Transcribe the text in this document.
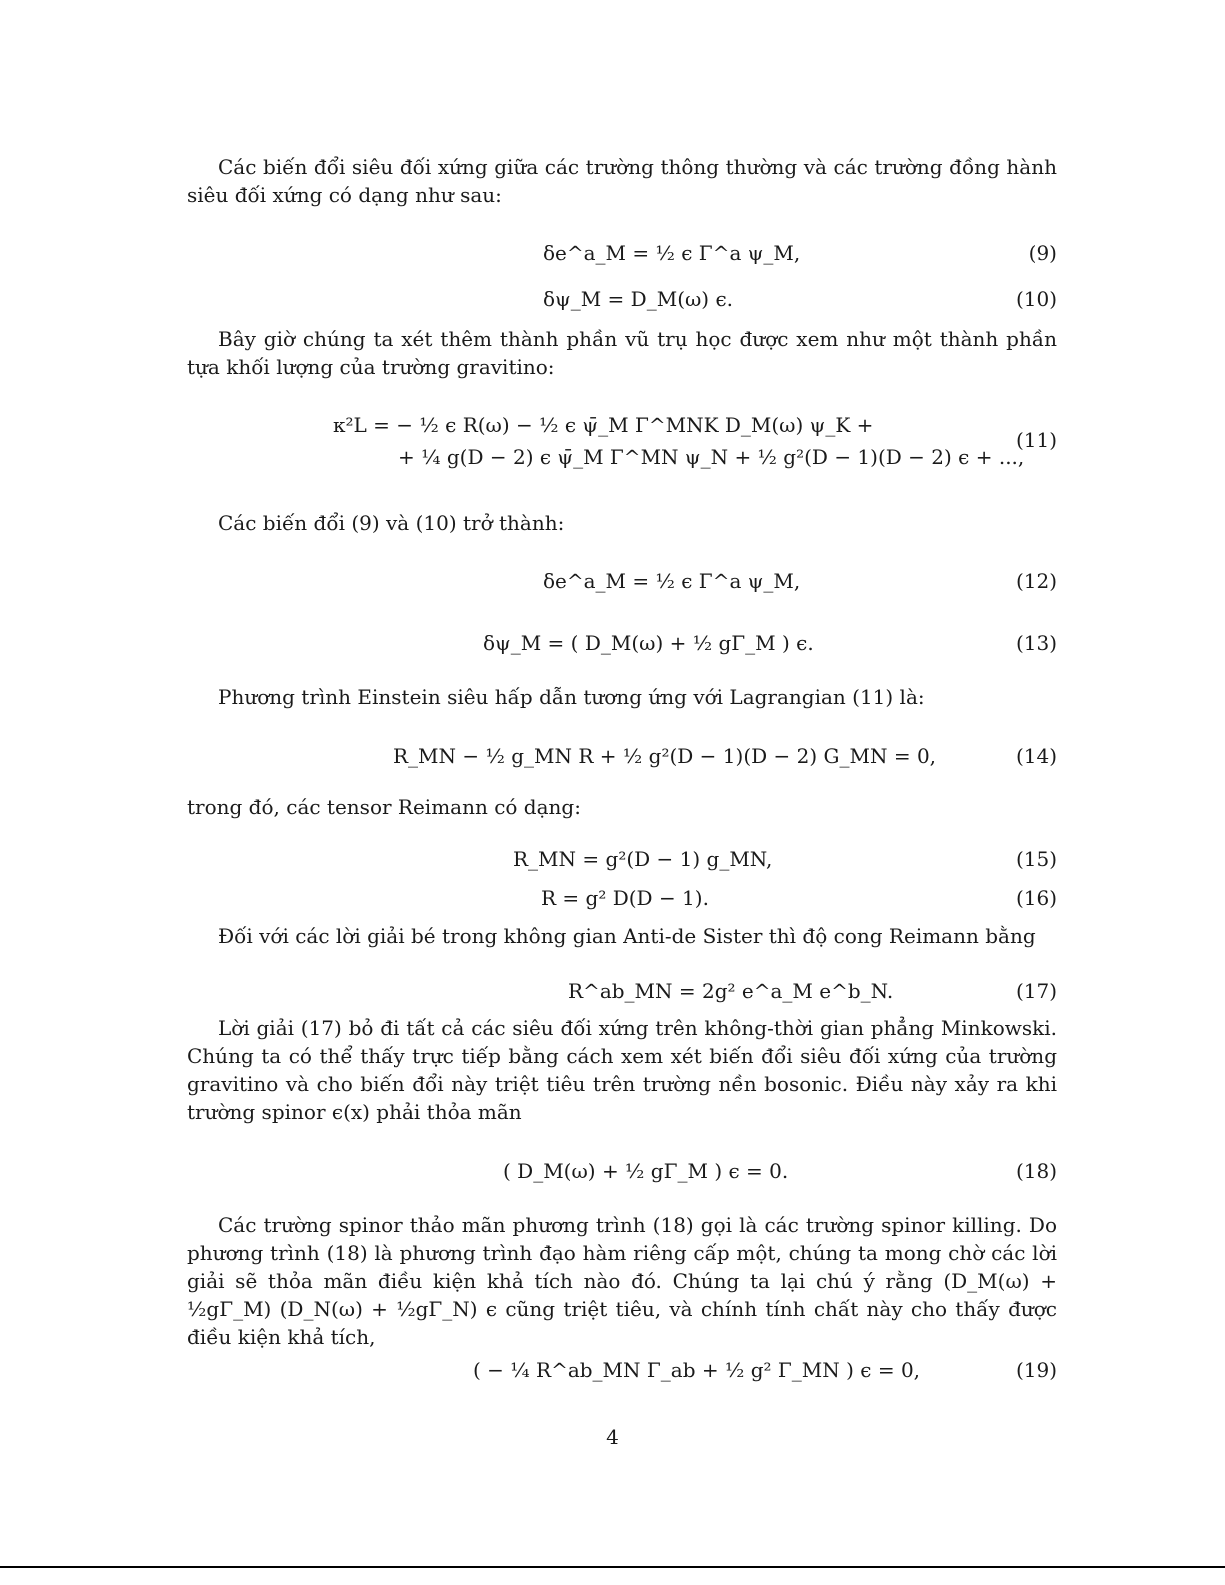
Các biến đổi siêu đối xứng giữa các trường thông thường và các trường đồng hành siêu đối xứng có dạng như sau:

δe^a_M = ½ ϵ Γ^a ψ_M,	(9)
δψ_M = D_M(ω) ϵ.	(10)

Bây giờ chúng ta xét thêm thành phần vũ trụ học được xem như một thành phần tựa khối lượng của trường gravitino:

κ²L = − ½ ϵ R(ω) − ½ ϵ ψ̄_M Γ^MNK D_M(ω) ψ_K +
+ ¼ g(D − 2) ϵ ψ̄_M Γ^MN ψ_N + ½ g²(D − 1)(D − 2) ϵ + ...,
(11)

Các biến đổi (9) và (10) trở thành:

δe^a_M = ½ ϵ Γ^a ψ_M,	(12)
δψ_M = ( D_M(ω) + ½ gΓ_M ) ϵ.	(13)

Phương trình Einstein siêu hấp dẫn tương ứng với Lagrangian (11) là:

R_MN − ½ g_MN R + ½ g²(D − 1)(D − 2) G_MN = 0,	(14)

trong đó, các tensor Reimann có dạng:

R_MN = g²(D − 1) g_MN,	(15)
R = g² D(D − 1).	(16)

Đối với các lời giải bé trong không gian Anti-de Sister thì độ cong Reimann bằng

R^ab_MN = 2g² e^a_M e^b_N.	(17)

Lời giải (17) bỏ đi tất cả các siêu đối xứng trên không-thời gian phẳng Minkowski. Chúng ta có thể thấy trực tiếp bằng cách xem xét biến đổi siêu đối xứng của trường gravitino và cho biến đổi này triệt tiêu trên trường nền bosonic. Điều này xảy ra khi trường spinor ϵ(x) phải thỏa mãn

( D_M(ω) + ½ gΓ_M ) ϵ = 0.	(18)

Các trường spinor thảo mãn phương trình (18) gọi là các trường spinor killing. Do phương trình (18) là phương trình đạo hàm riêng cấp một, chúng ta mong chờ các lời giải sẽ thỏa mãn điều kiện khả tích nào đó. Chúng ta lại chú ý rằng (D_M(ω) + ½gΓ_M) (D_N(ω) + ½gΓ_N) ϵ cũng triệt tiêu, và chính tính chất này cho thấy được điều kiện khả tích,

( − ¼ R^ab_MN Γ_ab + ½ g² Γ_MN ) ϵ = 0,	(19)
4
